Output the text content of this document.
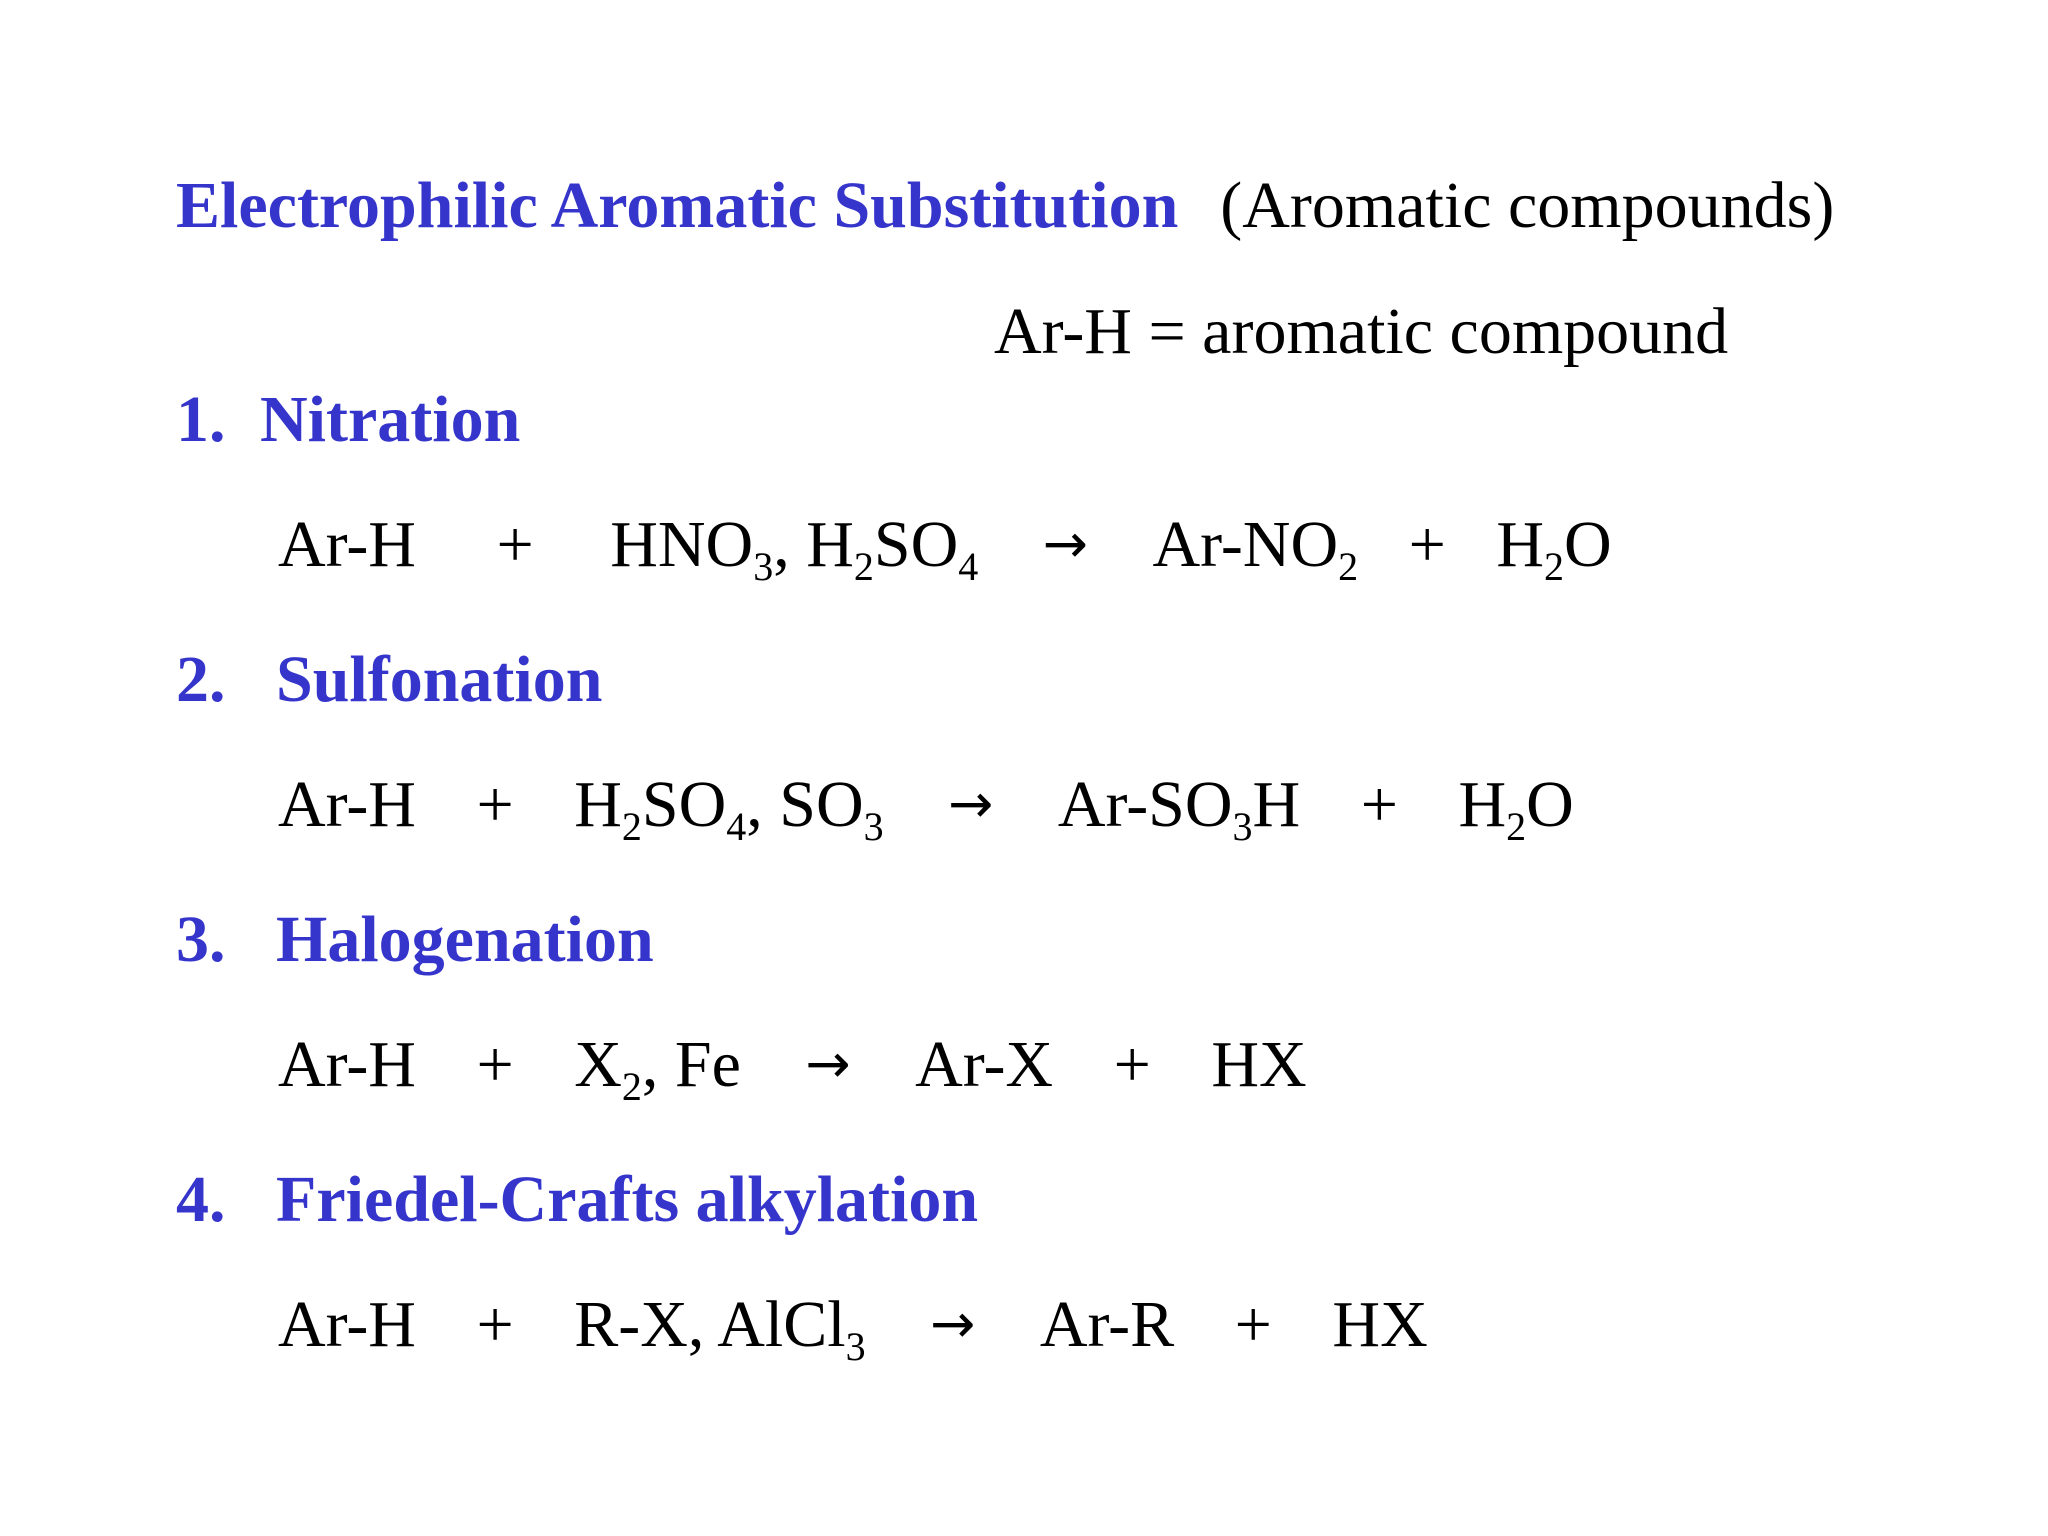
Electrophilic Aromatic Substitution (Aromatic compounds)
Ar-H = aromatic compound
1. Nitration
$Ar-H + HNO_3$, $H_2SO_4 \to Ar-NO_2 + H_2O$
2. Sulfonation
$Ar-H + H_2SO_4$, $SO_3 \to Ar-SO_3H + H_2O$
3. Halogenation
$Ar-H + X_2$, Fe → Ar-X + HX
4. Friedel-Crafts alkylation
Ar-H + R-X, AlCl$_3$ → Ar-R + HX
